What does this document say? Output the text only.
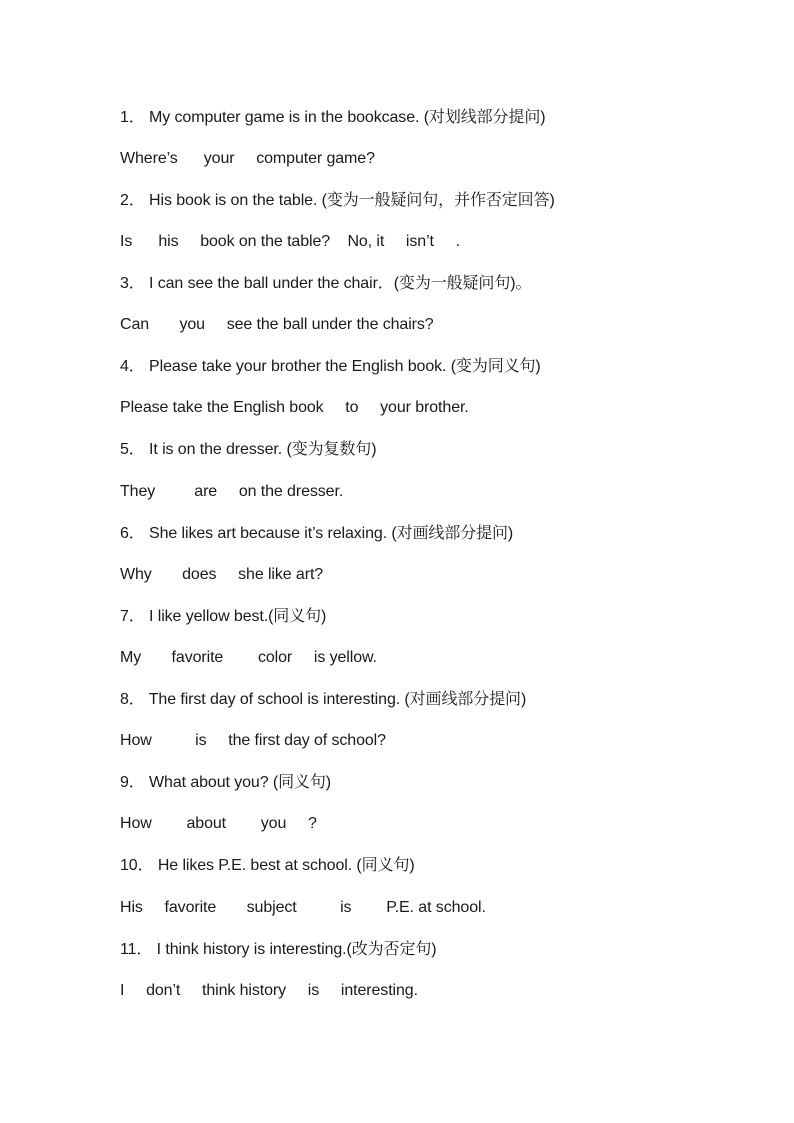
1． My computer game is in the bookcase. (对划线部分提问)
Where’s      your     computer game?
2． His book is on the table. (变为一般疑问句，并作否定回答)
Is      his     book on the table?    No, it     isn’t     .
3． I can see the ball under the chair．(变为一般疑问句)。
Can       you     see the ball under the chairs?
4． Please take your brother the English book. (变为同义句)
Please take the English book     to     your brother.
5． It is on the dresser. (变为复数句)
They         are     on the dresser.
6． She likes art because it’s relaxing. (对画线部分提问)
Why       does     she like art?
7． I like yellow best.(同义句)
My       favorite        color     is yellow.
8． The first day of school is interesting. (对画线部分提问)
How          is     the first day of school?
9． What about you? (同义句)
How        about        you     ?
10． He likes P.E. best at school. (同义句)
His     favorite       subject          is        P.E. at school.
11． I think history is interesting.(改为否定句)
I     don’t     think history     is     interesting.
